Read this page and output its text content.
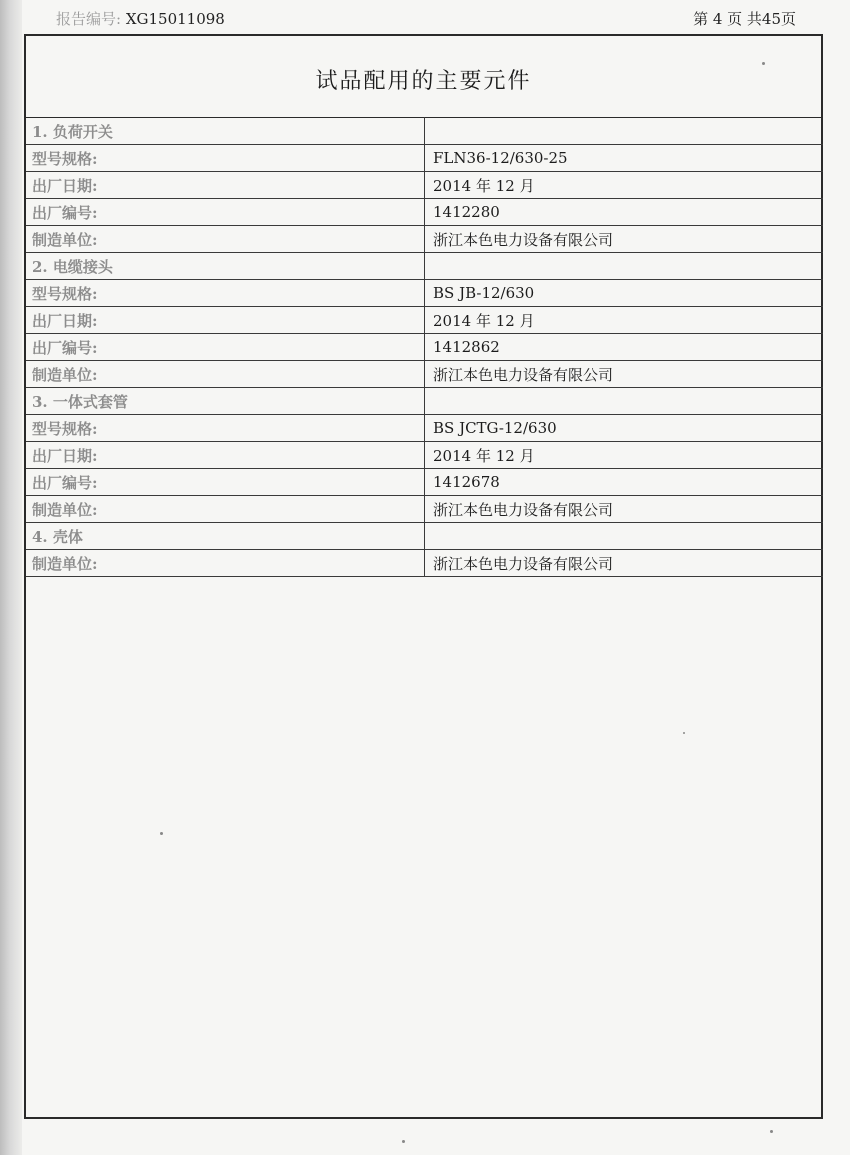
报告编号: XG15011098	第 4 页 共45页
试品配用的主要元件
1. 负荷开关	
型号规格:	FLN36-12/630-25
出厂日期:	2014 年 12 月
出厂编号:	1412280
制造单位:	浙江本色电力设备有限公司
2. 电缆接头	
型号规格:	BS JB-12/630
出厂日期:	2014 年 12 月
出厂编号:	1412862
制造单位:	浙江本色电力设备有限公司
3. 一体式套管	
型号规格:	BS JCTG-12/630
出厂日期:	2014 年 12 月
出厂编号:	1412678
制造单位:	浙江本色电力设备有限公司
4. 壳体	
制造单位:	浙江本色电力设备有限公司
